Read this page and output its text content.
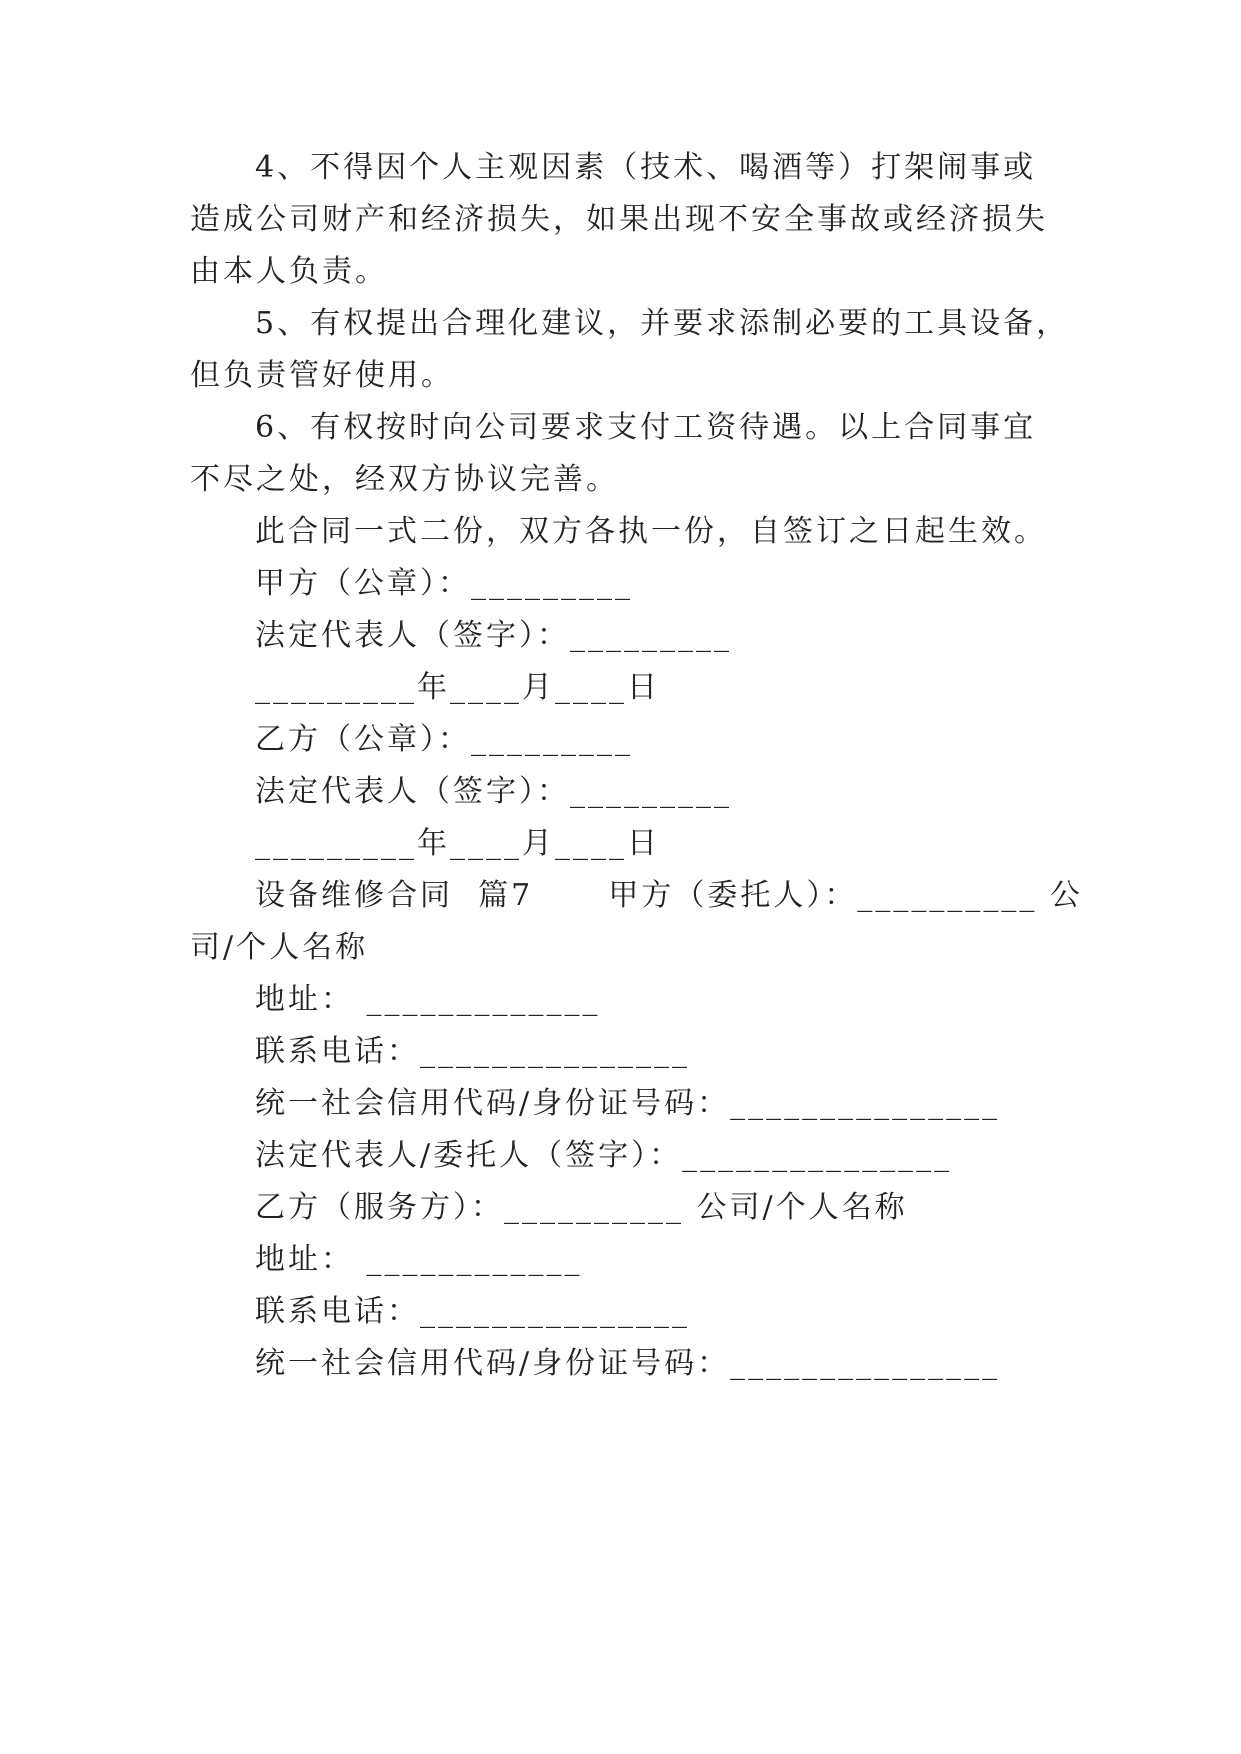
4、不得因个人主观因素（技术、喝酒等）打架闹事或
造成公司财产和经济损失，如果出现不安全事故或经济损失
由本人负责。
5、有权提出合理化建议，并要求添制必要的工具设备，
但负责管好使用。
6、有权按时向公司要求支付工资待遇。以上合同事宜
不尽之处，经双方协议完善。
此合同一式二份，双方各执一份，自签订之日起生效。
甲方（公章）：_________
法定代表人（签字）：_________
_________年____月____日
乙方（公章）：_________
法定代表人（签字）：_________
_________年____月____日
设备维修合同  篇7      甲方（委托人）：__________ 公
司/个人名称
地址： _____________
联系电话：_______________
统一社会信用代码/身份证号码：_______________
法定代表人/委托人（签字）：_______________
乙方（服务方）：__________ 公司/个人名称
地址： ____________
联系电话：_______________
统一社会信用代码/身份证号码：_______________
